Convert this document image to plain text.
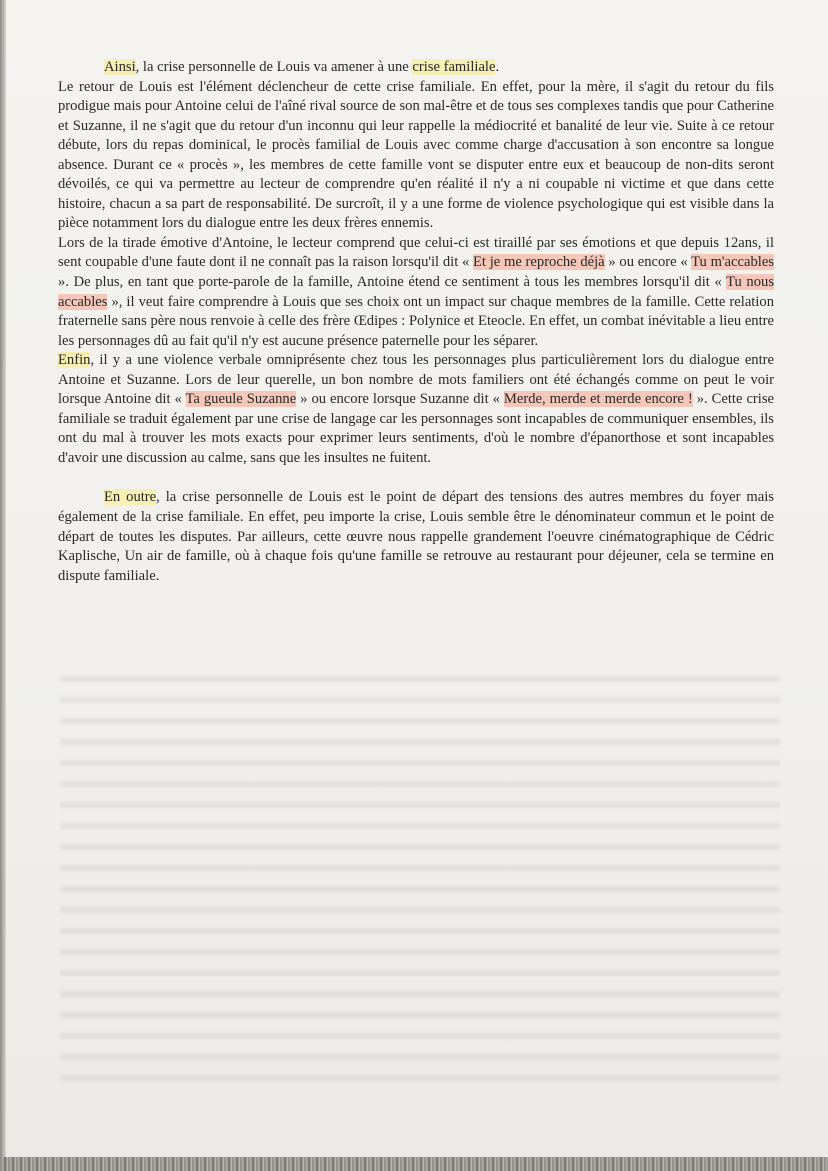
Ainsi, la crise personnelle de Louis va amener à une crise familiale.

Le retour de Louis est l'élément déclencheur de cette crise familiale. En effet, pour la mère, il s'agit du retour du fils prodigue mais pour Antoine celui de l'aîné rival source de son mal-être et de tous ses complexes tandis que pour Catherine et Suzanne, il ne s'agit que du retour d'un inconnu qui leur rappelle la médiocrité et banalité de leur vie. Suite à ce retour débute, lors du repas dominical, le procès familial de Louis avec comme charge d'accusation à son encontre sa longue absence. Durant ce « procès », les membres de cette famille vont se disputer entre eux et beaucoup de non-dits seront dévoilés, ce qui va permettre au lecteur de comprendre qu'en réalité il n'y a ni coupable ni victime et que dans cette histoire, chacun a sa part de responsabilité. De surcroît, il y a une forme de violence psychologique qui est visible dans la pièce notamment lors du dialogue entre les deux frères ennemis.

Lors de la tirade émotive d'Antoine, le lecteur comprend que celui-ci est tiraillé par ses émotions et que depuis 12ans, il sent coupable d'une faute dont il ne connaît pas la raison lorsqu'il dit « Et je me reproche déjà » ou encore « Tu m'accables ». De plus, en tant que porte-parole de la famille, Antoine étend ce sentiment à tous les membres lorsqu'il dit « Tu nous accables », il veut faire comprendre à Louis que ses choix ont un impact sur chaque membres de la famille. Cette relation fraternelle sans père nous renvoie à celle des frère Œdipes : Polynice et Eteocle. En effet, un combat inévitable a lieu entre les personnages dû au fait qu'il n'y est aucune présence paternelle pour les séparer.

Enfin, il y a une violence verbale omniprésente chez tous les personnages plus particulièrement lors du dialogue entre Antoine et Suzanne. Lors de leur querelle, un bon nombre de mots familiers ont été échangés comme on peut le voir lorsque Antoine dit « Ta gueule Suzanne » ou encore lorsque Suzanne dit « Merde, merde et merde encore ! ». Cette crise familiale se traduit également par une crise de langage car les personnages sont incapables de communiquer ensembles, ils ont du mal à trouver les mots exacts pour exprimer leurs sentiments, d'où le nombre d'épanorthose et sont incapables d'avoir une discussion au calme, sans que les insultes ne fuitent.

En outre, la crise personnelle de Louis est le point de départ des tensions des autres membres du foyer mais également de la crise familiale. En effet, peu importe la crise, Louis semble être le dénominateur commun et le point de départ de toutes les disputes. Par ailleurs, cette œuvre nous rappelle grandement l'oeuvre cinématographique de Cédric Kaplische, Un air de famille, où à chaque fois qu'une famille se retrouve au restaurant pour déjeuner, cela se termine en dispute familiale.
